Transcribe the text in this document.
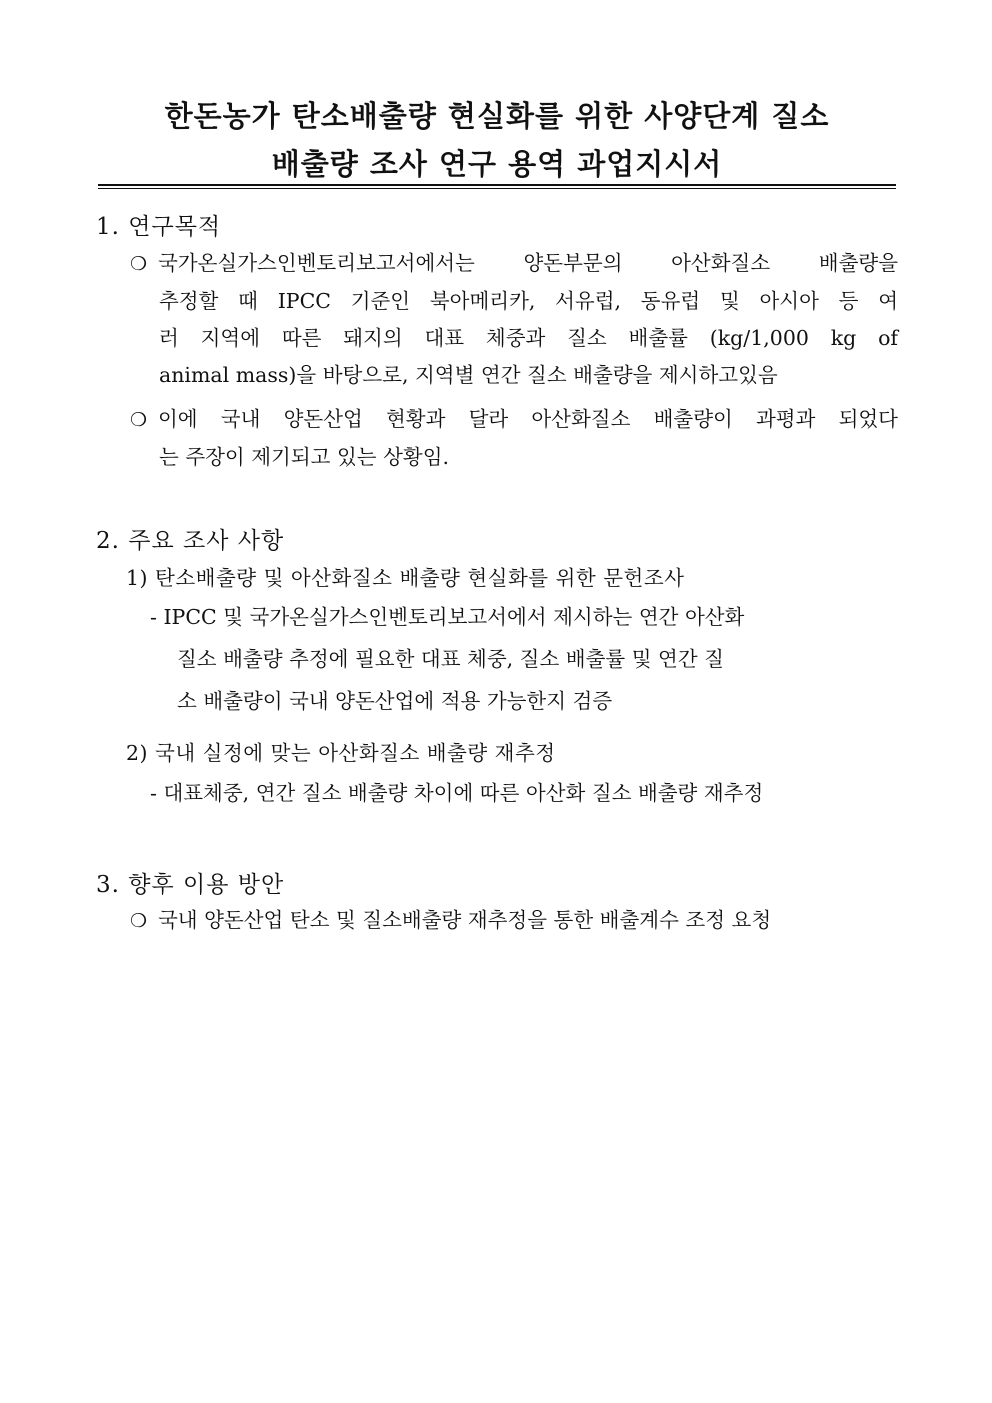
한돈농가 탄소배출량 현실화를 위한 사양단계 질소
배출량 조사 연구 용역 과업지시서
1. 연구목적
❍ 국가온실가스인벤토리보고서에서는 양돈부문의 아산화질소 배출량을
추정할 때 IPCC 기준인 북아메리카, 서유럽, 동유럽 및 아시아 등 여
러 지역에 따른 돼지의 대표 체중과 질소 배출률 (kg/1,000 kg of
animal mass)을 바탕으로, 지역별 연간 질소 배출량을 제시하고있음
❍ 이에 국내 양돈산업 현황과 달라 아산화질소 배출량이 과평과 되었다
는 주장이 제기되고 있는 상황임.
2. 주요 조사 사항
1) 탄소배출량 및 아산화질소 배출량 현실화를 위한 문헌조사
- IPCC 및 국가온실가스인벤토리보고서에서 제시하는 연간 아산화
질소 배출량 추정에 필요한 대표 체중, 질소 배출률 및 연간 질
소 배출량이 국내 양돈산업에 적용 가능한지 검증
2) 국내 실정에 맞는 아산화질소 배출량 재추정
- 대표체중, 연간 질소 배출량 차이에 따른 아산화 질소 배출량 재추정
3. 향후 이용 방안
❍ 국내 양돈산업 탄소 및 질소배출량 재추정을 통한 배출계수 조정 요청
